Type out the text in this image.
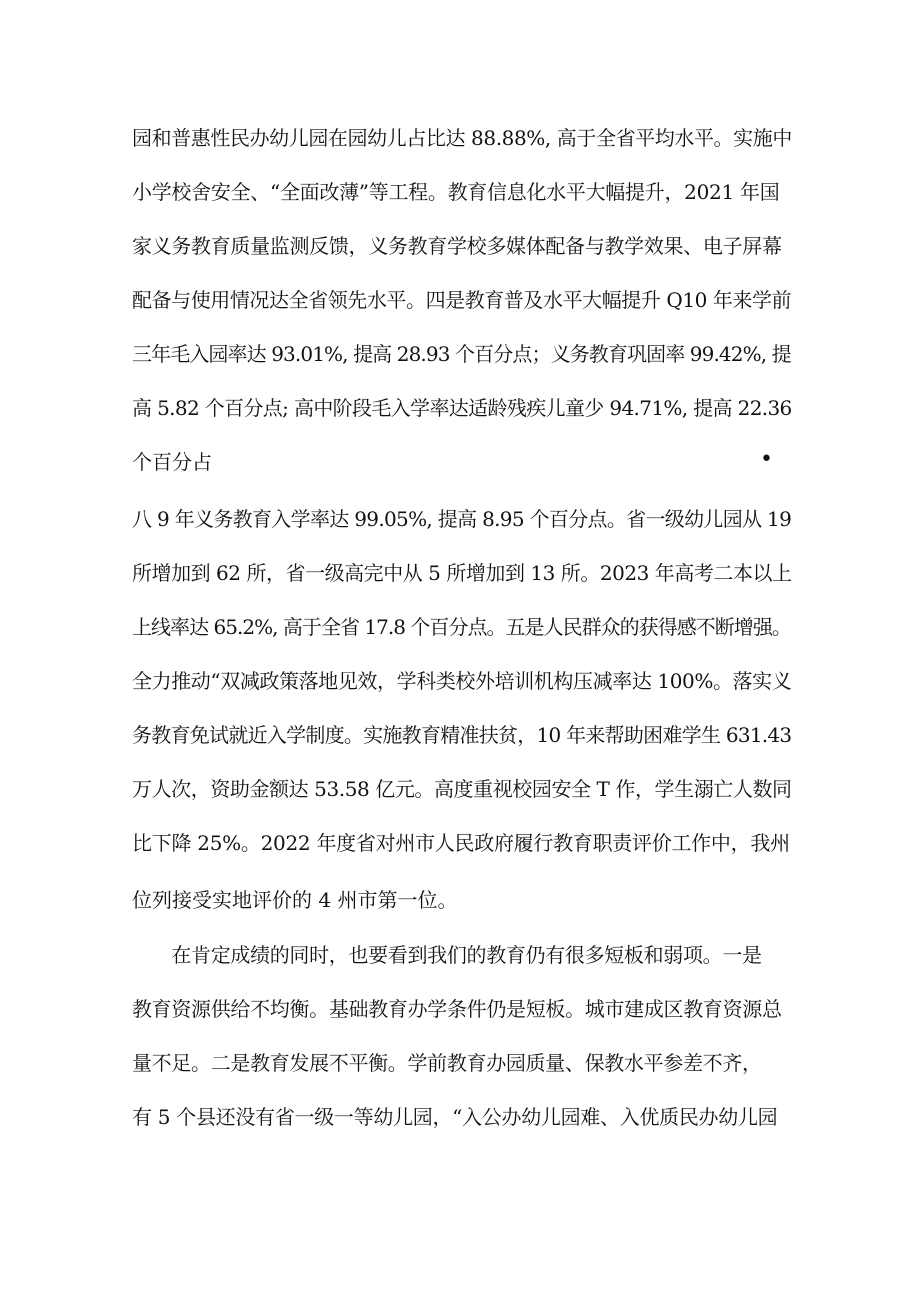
园和普惠性民办幼儿园在园幼儿占比达 88.88%, 高于全省平均水平。实施中
小学校舍安全、“全面改薄”等工程。教育信息化水平大幅提升，2021 年国
家义务教育质量监测反馈，义务教育学校多媒体配备与教学效果、电子屏幕
配备与使用情况达全省领先水平。四是教育普及水平大幅提升 Q10 年来学前
三年毛入园率达 93.01%, 提高 28.93 个百分点；义务教育巩固率 99.42%, 提
高 5.82 个百分点; 高中阶段毛入学率达适龄残疾儿童少 94.71%, 提高 22.36
个百分占	•
八 9 年义务教育入学率达 99.05%, 提高 8.95 个百分点。省一级幼儿园从 19
所增加到 62 所，省一级高完中从 5 所增加到 13 所。2023 年高考二本以上
上线率达 65.2%, 高于全省 17.8 个百分点。五是人民群众的获得感不断增强。
全力推动“双减政策落地见效，学科类校外培训机构压减率达 100%。落实义
务教育免试就近入学制度。实施教育精准扶贫，10 年来帮助困难学生 631.43
万人次，资助金额达 53.58 亿元。高度重视校园安全 T 作，学生溺亡人数同
比下降 25%。2022 年度省对州市人民政府履行教育职责评价工作中，我州
位列接受实地评价的 4 州市第一位。
　　在肯定成绩的同时，也要看到我们的教育仍有很多短板和弱项。一是
教育资源供给不均衡。基础教育办学条件仍是短板。城市建成区教育资源总
量不足。二是教育发展不平衡。学前教育办园质量、保教水平参差不齐，
有 5 个县还没有省一级一等幼儿园，“入公办幼儿园难、入优质民办幼儿园
